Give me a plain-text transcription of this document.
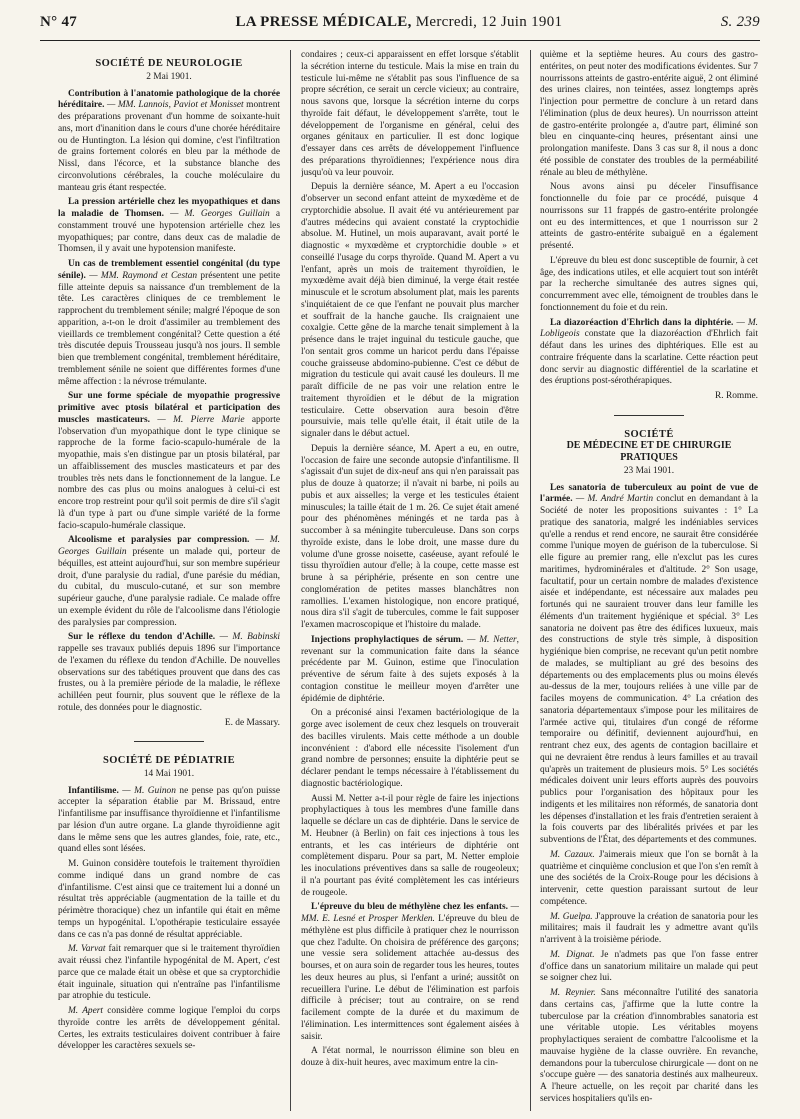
N° 47	LA PRESSE MÉDICALE, Mercredi, 12 Juin 1901	S. 239
SOCIÉTÉ DE NEUROLOGIE
2 Mai 1901.

Contribution à l'anatomie pathologique de la chorée héréditaire. — MM. Lannois, Paviot et Monisset montrent des préparations provenant d'un homme de soixante-huit ans, mort d'inanition dans le cours d'une chorée héréditaire ou de Huntington. La lésion qui domine, c'est l'infiltration de grains fortement colorés en bleu par la méthode de Nissl, dans l'écorce, et la substance blanche des circonvolutions cérébrales, la couche moléculaire du manteau gris étant respectée.

La pression artérielle chez les myopathiques et dans la maladie de Thomsen. — M. Georges Guillain a constamment trouvé une hypotension artérielle chez les myopathiques; par contre, dans deux cas de maladie de Thomsen, il y avait une hypotension manifeste.

Un cas de tremblement essentiel congénital (du type sénile). — MM. Raymond et Cestan présentent une petite fille atteinte depuis sa naissance d'un tremblement de la tête. Les caractères cliniques de ce tremblement le rapprochent du tremblement sénile; malgré l'époque de son apparition, a-t-on le droit d'assimiler au tremblement des vieillards ce tremblement congénital? Cette question a été très discutée depuis Trousseau jusqu'à nos jours. Il semble bien que tremblement congénital, tremblement héréditaire, tremblement sénile ne soient que différentes formes d'une même affection : la névrose trémulante.

Sur une forme spéciale de myopathie progressive primitive avec ptosis bilatéral et participation des muscles masticateurs. — M. Pierre Marie apporte l'observation d'un myopathique dont le type clinique se rapproche de la forme facio-scapulo-humérale de la myopathie, mais s'en distingue par un ptosis bilatéral, par un affaiblissement des muscles masticateurs et par des troubles très nets dans le fonctionnement de la langue. Le nombre des cas plus ou moins analogues à celui-ci est encore trop restreint pour qu'il soit permis de dire s'il s'agit là d'un type à part ou d'une simple variété de la forme facio-scapulo-humérale classique.

Alcoolisme et paralysies par compression. — M. Georges Guillain présente un malade qui, porteur de béquilles, est atteint aujourd'hui, sur son membre supérieur droit, d'une paralysie du radial, d'une parésie du médian, du cubital, du musculo-cutané, et sur son membre supérieur gauche, d'une paralysie radiale. Ce malade offre un exemple évident du rôle de l'alcoolisme dans l'étiologie des paralysies par compression.

Sur le réflexe du tendon d'Achille. — M. Babinski rappelle ses travaux publiés depuis 1896 sur l'importance de l'examen du réflexe du tendon d'Achille. De nouvelles observations sur des tabétiques prouvent que dans des cas frustes, ou à la première période de la maladie, le réflexe achilléen peut fournir, plus souvent que le réflexe de la rotule, des données pour le diagnostic.

E. de Massary.
SOCIÉTÉ DE PÉDIATRIE
14 Mai 1901.

Infantilisme. — M. Guinon ne pense pas qu'on puisse accepter la séparation établie par M. Brissaud, entre l'infantilisme par insuffisance thyroïdienne et l'infantilisme par lésion d'un autre organe. La glande thyroïdienne agit dans le même sens que les autres glandes, foie, rate, etc., quand elles sont lésées.

M. Guinon considère toutefois le traitement thyroïdien comme indiqué dans un grand nombre de cas d'infantilisme. C'est ainsi que ce traitement lui a donné un résultat très appréciable (augmentation de la taille et du périmètre thoracique) chez un infantile qui était en même temps un hypogénital. L'opothérapie testiculaire essayée dans ce cas n'a pas donné de résultat appréciable.

M. Varvat fait remarquer que si le traitement thyroïdien avait réussi chez l'infantile hypogénital de M. Apert, c'est parce que ce malade était un obèse et que sa cryptorchidie était inguinale, situation qui n'entraîne pas l'infantilisme par atrophie du testicule.

M. Apert considère comme logique l'emploi du corps thyroïde contre les arrêts de développement génital. Certes, les extraits testiculaires doivent contribuer à faire développer les caractères sexuels se-

condaires ; ceux-ci apparaissent en effet lorsque s'établit la sécrétion interne du testicule. Mais la mise en train du testicule lui-même ne s'établit pas sous l'influence de sa propre sécrétion, ce serait un cercle vicieux; au contraire, nous savons que, lorsque la sécrétion interne du corps thyroïde fait défaut, le développement s'arrête, tout le développement de l'organisme en général, celui des organes génitaux en particulier. Il est donc logique d'essayer dans ces arrêts de développement l'influence des préparations thyroïdiennes; l'expérience nous dira jusqu'où va leur pouvoir.

Depuis la dernière séance, M. Apert a eu l'occasion d'observer un second enfant atteint de myxœdème et de cryptorchidie absolue. Il avait été vu antérieurement par d'autres médecins qui avaient constaté la cryptochidie absolue. M. Hutinel, un mois auparavant, avait porté le diagnostic « myxœdème et cryptorchidie double » et conseillé l'usage du corps thyroïde. Quand M. Apert a vu l'enfant, après un mois de traitement thyroïdien, le myxœdème avait déjà bien diminué, la verge était restée minuscule et le scrotum absolument plat, mais les parents s'inquiétaient de ce que l'enfant ne pouvait plus marcher et souffrait de la hanche gauche. Ils craignaient une coxalgie. Cette gêne de la marche tenait simplement à la présence dans le trajet inguinal du testicule gauche, que l'on sentait gros comme un haricot perdu dans l'épaisse couche graisseuse abdomino-pubienne. C'est ce début de migration du testicule qui avait causé les douleurs. Il me paraît difficile de ne pas voir une relation entre le traitement thyroïdien et le début de la migration testiculaire. Cette observation aura besoin d'être poursuivie, mais telle qu'elle était, il était utile de la signaler dans le début actuel.

Depuis la dernière séance, M. Apert a eu, en outre, l'occasion de faire une seconde autopsie d'infantilisme. Il s'agissait d'un sujet de dix-neuf ans qui n'en paraissait pas plus de douze à quatorze; il n'avait ni barbe, ni poils au pubis et aux aisselles; la verge et les testicules étaient minuscules; la taille était de 1 m. 26. Ce sujet était amené pour des phénomènes méningés et ne tarda pas à succomber à sa méningite tuberculeuse. Dans son corps thyroïde existe, dans le lobe droit, une masse dure du volume d'une grosse noisette, caséeuse, ayant refoulé le tissu thyroïdien autour d'elle; à la coupe, cette masse est brune à sa périphérie, présente en son centre une conglomération de petites masses blanchâtres non ramollies. L'examen histologique, non encore pratiqué, nous dira s'il s'agit de tubercules, comme le fait supposer l'examen macroscopique et l'histoire du malade.

Injections prophylactiques de sérum. — M. Netter, revenant sur la communication faite dans la séance précédente par M. Guinon, estime que l'inoculation préventive de sérum faite à des sujets exposés à la contagion constitue le meilleur moyen d'arrêter une épidémie de diphtérie.

On a préconisé ainsi l'examen bactériologique de la gorge avec isolement de ceux chez lesquels on trouverait des bacilles virulents. Mais cette méthode a un double inconvénient : d'abord elle nécessite l'isolement d'un grand nombre de personnes; ensuite la diphtérie peut se déclarer pendant le temps nécessaire à l'établissement du diagnostic bactériologique.

Aussi M. Netter a-t-il pour règle de faire les injections prophylactiques à tous les membres d'une famille dans laquelle se déclare un cas de diphtérie. Dans le service de M. Heubner (à Berlin) on fait ces injections à tous les entrants, et les cas intérieurs de diphtérie ont complètement disparu. Pour sa part, M. Netter emploie les inoculations préventives dans sa salle de rougeoleux; il n'a pourtant pas évité complètement les cas intérieurs de rougeole.

L'épreuve du bleu de méthylène chez les enfants. — MM. E. Lesné et Prosper Merklen. L'épreuve du bleu de méthylène est plus difficile à pratiquer chez le nourrisson que chez l'adulte. On choisira de préférence des garçons; une vessie sera solidement attachée au-dessus des bourses, et on aura soin de regarder tous les heures, toutes les deux heures au plus, si l'enfant a uriné; aussitôt on recueillera l'urine. Le début de l'élimination est parfois difficile à préciser; tout au contraire, on se rend facilement compte de la durée et du maximum de l'élimination. Les intermittences sont également aisées à saisir.

A l'état normal, le nourrisson élimine son bleu en douze à dix-huit heures, avec maximum entre la cin-

quième et la septième heures. Au cours des gastro-entérites, on peut noter des modifications évidentes. Sur 7 nourrissons atteints de gastro-entérite aiguë, 2 ont éliminé des urines claires, non teintées, assez longtemps après l'injection pour permettre de conclure à un retard dans l'élimination (plus de deux heures). Un nourrisson atteint de gastro-entérite prolongée a, d'autre part, éliminé son bleu en cinquante-cinq heures, présentant ainsi une prolongation manifeste. Dans 3 cas sur 8, il nous a donc été possible de constater des troubles de la perméabilité rénale au bleu de méthylène.

Nous avons ainsi pu déceler l'insuffisance fonctionnelle du foie par ce procédé, puisque 4 nourrissons sur 11 frappés de gastro-entérite prolongée ont eu des intermittences, et que 1 nourrisson sur 2 atteints de gastro-entérite subaiguë en a également présenté.

L'épreuve du bleu est donc susceptible de fournir, à cet âge, des indications utiles, et elle acquiert tout son intérêt par la recherche simultanée des autres signes qui, concurremment avec elle, témoignent de troubles dans le fonctionnement du foie et du rein.

La diazoréaction d'Ehrlich dans la diphtérie. — M. Lobligeois constate que la diazoréaction d'Ehrlich fait défaut dans les urines des diphtériques. Elle est au contraire fréquente dans la scarlatine. Cette réaction peut donc servir au diagnostic différentiel de la scarlatine et des éruptions post-sérothérapiques.

R. Romme.
SOCIÉTÉ
DE MÉDECINE ET DE CHIRURGIE PRATIQUES
23 Mai 1901.

Les sanatoria de tuberculeux au point de vue de l'armée. — M. André Martin conclut en demandant à la Société de noter les propositions suivantes : 1° La pratique des sanatoria, malgré les indéniables services qu'elle a rendus et rend encore, ne saurait être considérée comme l'unique moyen de guérison de la tuberculose. Si elle figure au premier rang, elle n'exclut pas les cures maritimes, hydrominérales et d'altitude. 2° Son usage, facultatif, pour un certain nombre de malades d'existence aisée et indépendante, est nécessaire aux malades peu fortunés qui ne sauraient trouver dans leur famille les éléments d'un traitement hygiénique et spécial. 3° Les sanatoria ne doivent pas être des édifices luxueux, mais des constructions de style très simple, à disposition hygiénique bien comprise, ne recevant qu'un petit nombre de malades, se multipliant au gré des besoins des départements ou des emplacements plus ou moins élevés au-dessus de la mer, toujours reliées à une ville par de faciles moyens de communication. 4° La création des sanatoria départementaux s'impose pour les militaires de l'armée active qui, titulaires d'un congé de réforme temporaire ou définitif, deviennent aujourd'hui, en rentrant chez eux, des agents de contagion bacillaire et qui ne devraient être rendus à leurs familles et au travail qu'après un traitement de plusieurs mois. 5° Les sociétés médicales doivent unir leurs efforts auprès des pouvoirs publics pour l'organisation des hôpitaux pour les indigents et les militaires non réformés, de sanatoria dont les dépenses d'installation et les frais d'entretien seraient à la fois couverts par des libéralités privées et par les subventions de l'État, des départements et des communes.

M. Cazaux. J'aimerais mieux que l'on se bornât à la quatrième et cinquième conclusion et que l'on s'en remît à une des sociétés de la Croix-Rouge pour les décisions à intervenir, cette question paraissant surtout de leur compétence.

M. Guelpa. J'approuve la création de sanatoria pour les militaires; mais il faudrait les y admettre avant qu'ils n'arrivent à la troisième période.

M. Dignat. Je n'admets pas que l'on fasse entrer d'office dans un sanatorium militaire un malade qui peut se soigner chez lui.

M. Reynier. Sans méconnaître l'utilité des sanatoria dans certains cas, j'affirme que la lutte contre la tuberculose par la création d'innombrables sanatoria est une véritable utopie. Les véritables moyens prophylactiques seraient de combattre l'alcoolisme et la mauvaise hygiène de la classe ouvrière. En revanche, demandons pour la tuberculose chirurgicale — dont on ne s'occupe guère — des sanatoria destinés aux malheureux. A l'heure actuelle, on les reçoit par charité dans les services hospitaliers qu'ils en-
